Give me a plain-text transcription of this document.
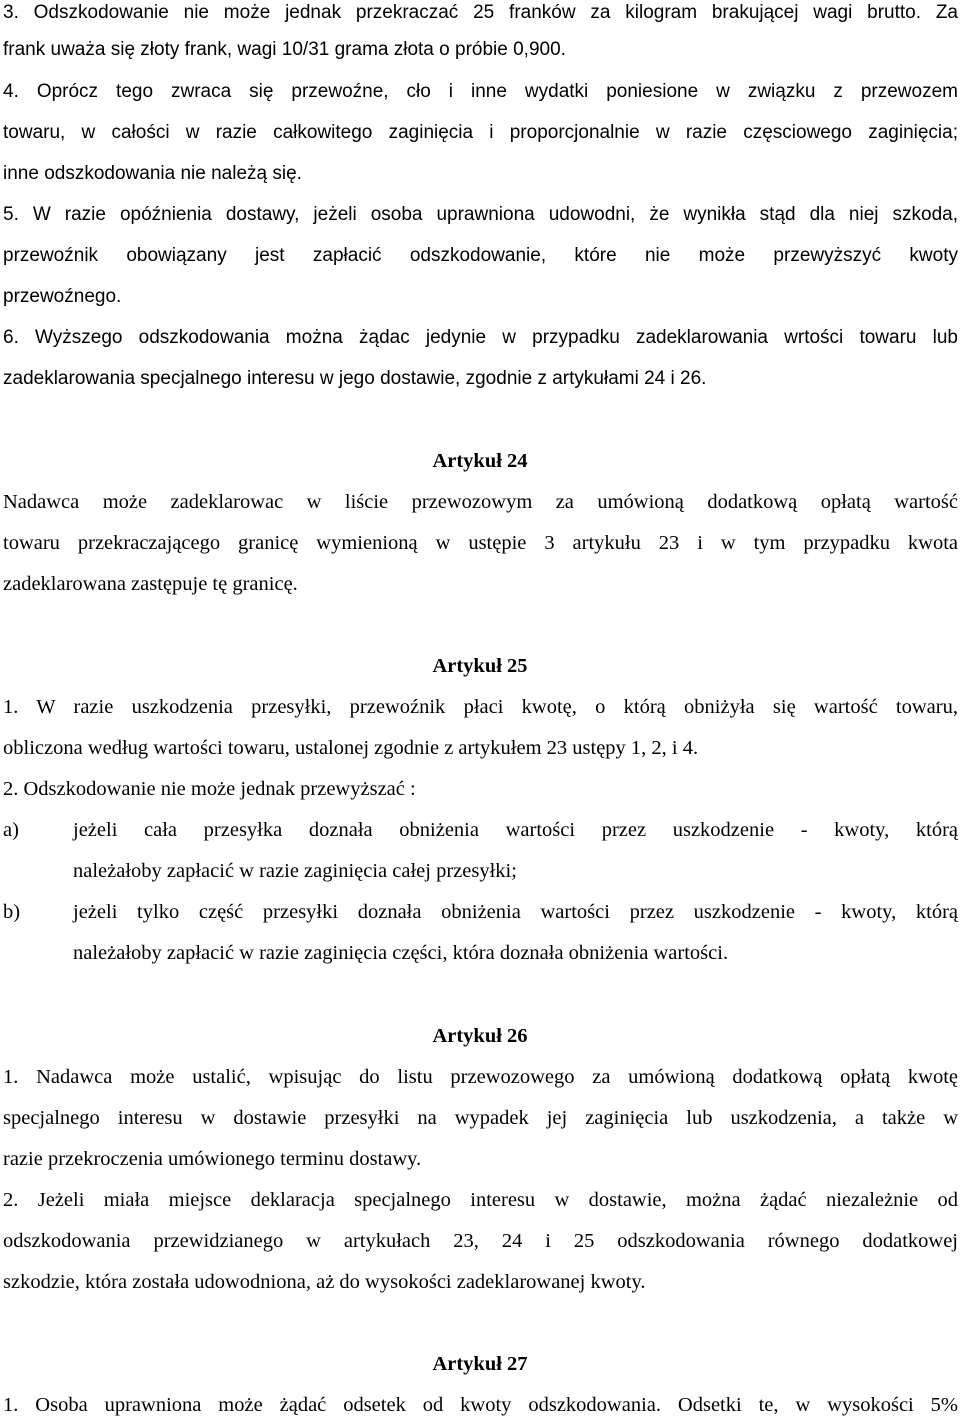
3. Odszkodowanie nie może jednak przekraczać 25 franków za kilogram brakującej wagi brutto. Za

frank uważa się złoty frank, wagi 10/31 grama złota o próbie 0,900.

4. Oprócz tego zwraca się przewoźne, cło i inne wydatki poniesione w związku z przewozem

towaru, w całości w razie całkowitego zaginięcia i proporcjonalnie w razie częsciowego zaginięcia;

inne odszkodowania nie należą się.

5. W razie opóźnienia dostawy, jeżeli osoba uprawniona udowodni, że wynikła stąd dla niej szkoda,

przewoźnik obowiązany jest zapłacić odszkodowanie, które nie może przewyższyć kwoty

przewoźnego.

6. Wyższego odszkodowania można żądac jedynie w przypadku zadeklarowania wrtości towaru lub

zadeklarowania specjalnego interesu w jego dostawie, zgodnie z artykułami 24 i 26.

Artykuł 24

Nadawca może zadeklarowac w liście przewozowym za umówioną dodatkową opłatą wartość

towaru przekraczającego granicę wymienioną w ustępie 3 artykułu 23 i w tym przypadku kwota

zadeklarowana zastępuje tę granicę.

Artykuł 25

1. W razie uszkodzenia przesyłki, przewoźnik płaci kwotę, o którą obniżyła się wartość towaru,

obliczona według wartości towaru, ustalonej zgodnie z artykułem 23 ustępy 1, 2, i 4.

2. Odszkodowanie nie może jednak przewyższać :

a)	jeżeli cała przesyłka doznała obniżenia wartości przez uszkodzenie - kwoty, którą

należałoby zapłacić w razie zaginięcia całej przesyłki;

b)	jeżeli tylko część przesyłki doznała obniżenia wartości przez uszkodzenie - kwoty, którą

należałoby zapłacić w razie zaginięcia części, która doznała obniżenia wartości.

Artykuł 26

1. Nadawca może ustalić, wpisując do listu przewozowego za umówioną dodatkową opłatą kwotę

specjalnego interesu w dostawie przesyłki na wypadek jej zaginięcia lub uszkodzenia, a także w

razie przekroczenia umówionego terminu dostawy.

2. Jeżeli miała miejsce deklaracja specjalnego interesu w dostawie, można żądać niezależnie od

odszkodowania przewidzianego w artykułach 23, 24 i 25 odszkodowania równego dodatkowej

szkodzie, która została udowodniona, aż do wysokości zadeklarowanej kwoty.

Artykuł 27

1. Osoba uprawniona może żądać odsetek od kwoty odszkodowania. Odsetki te, w wysokości 5%
